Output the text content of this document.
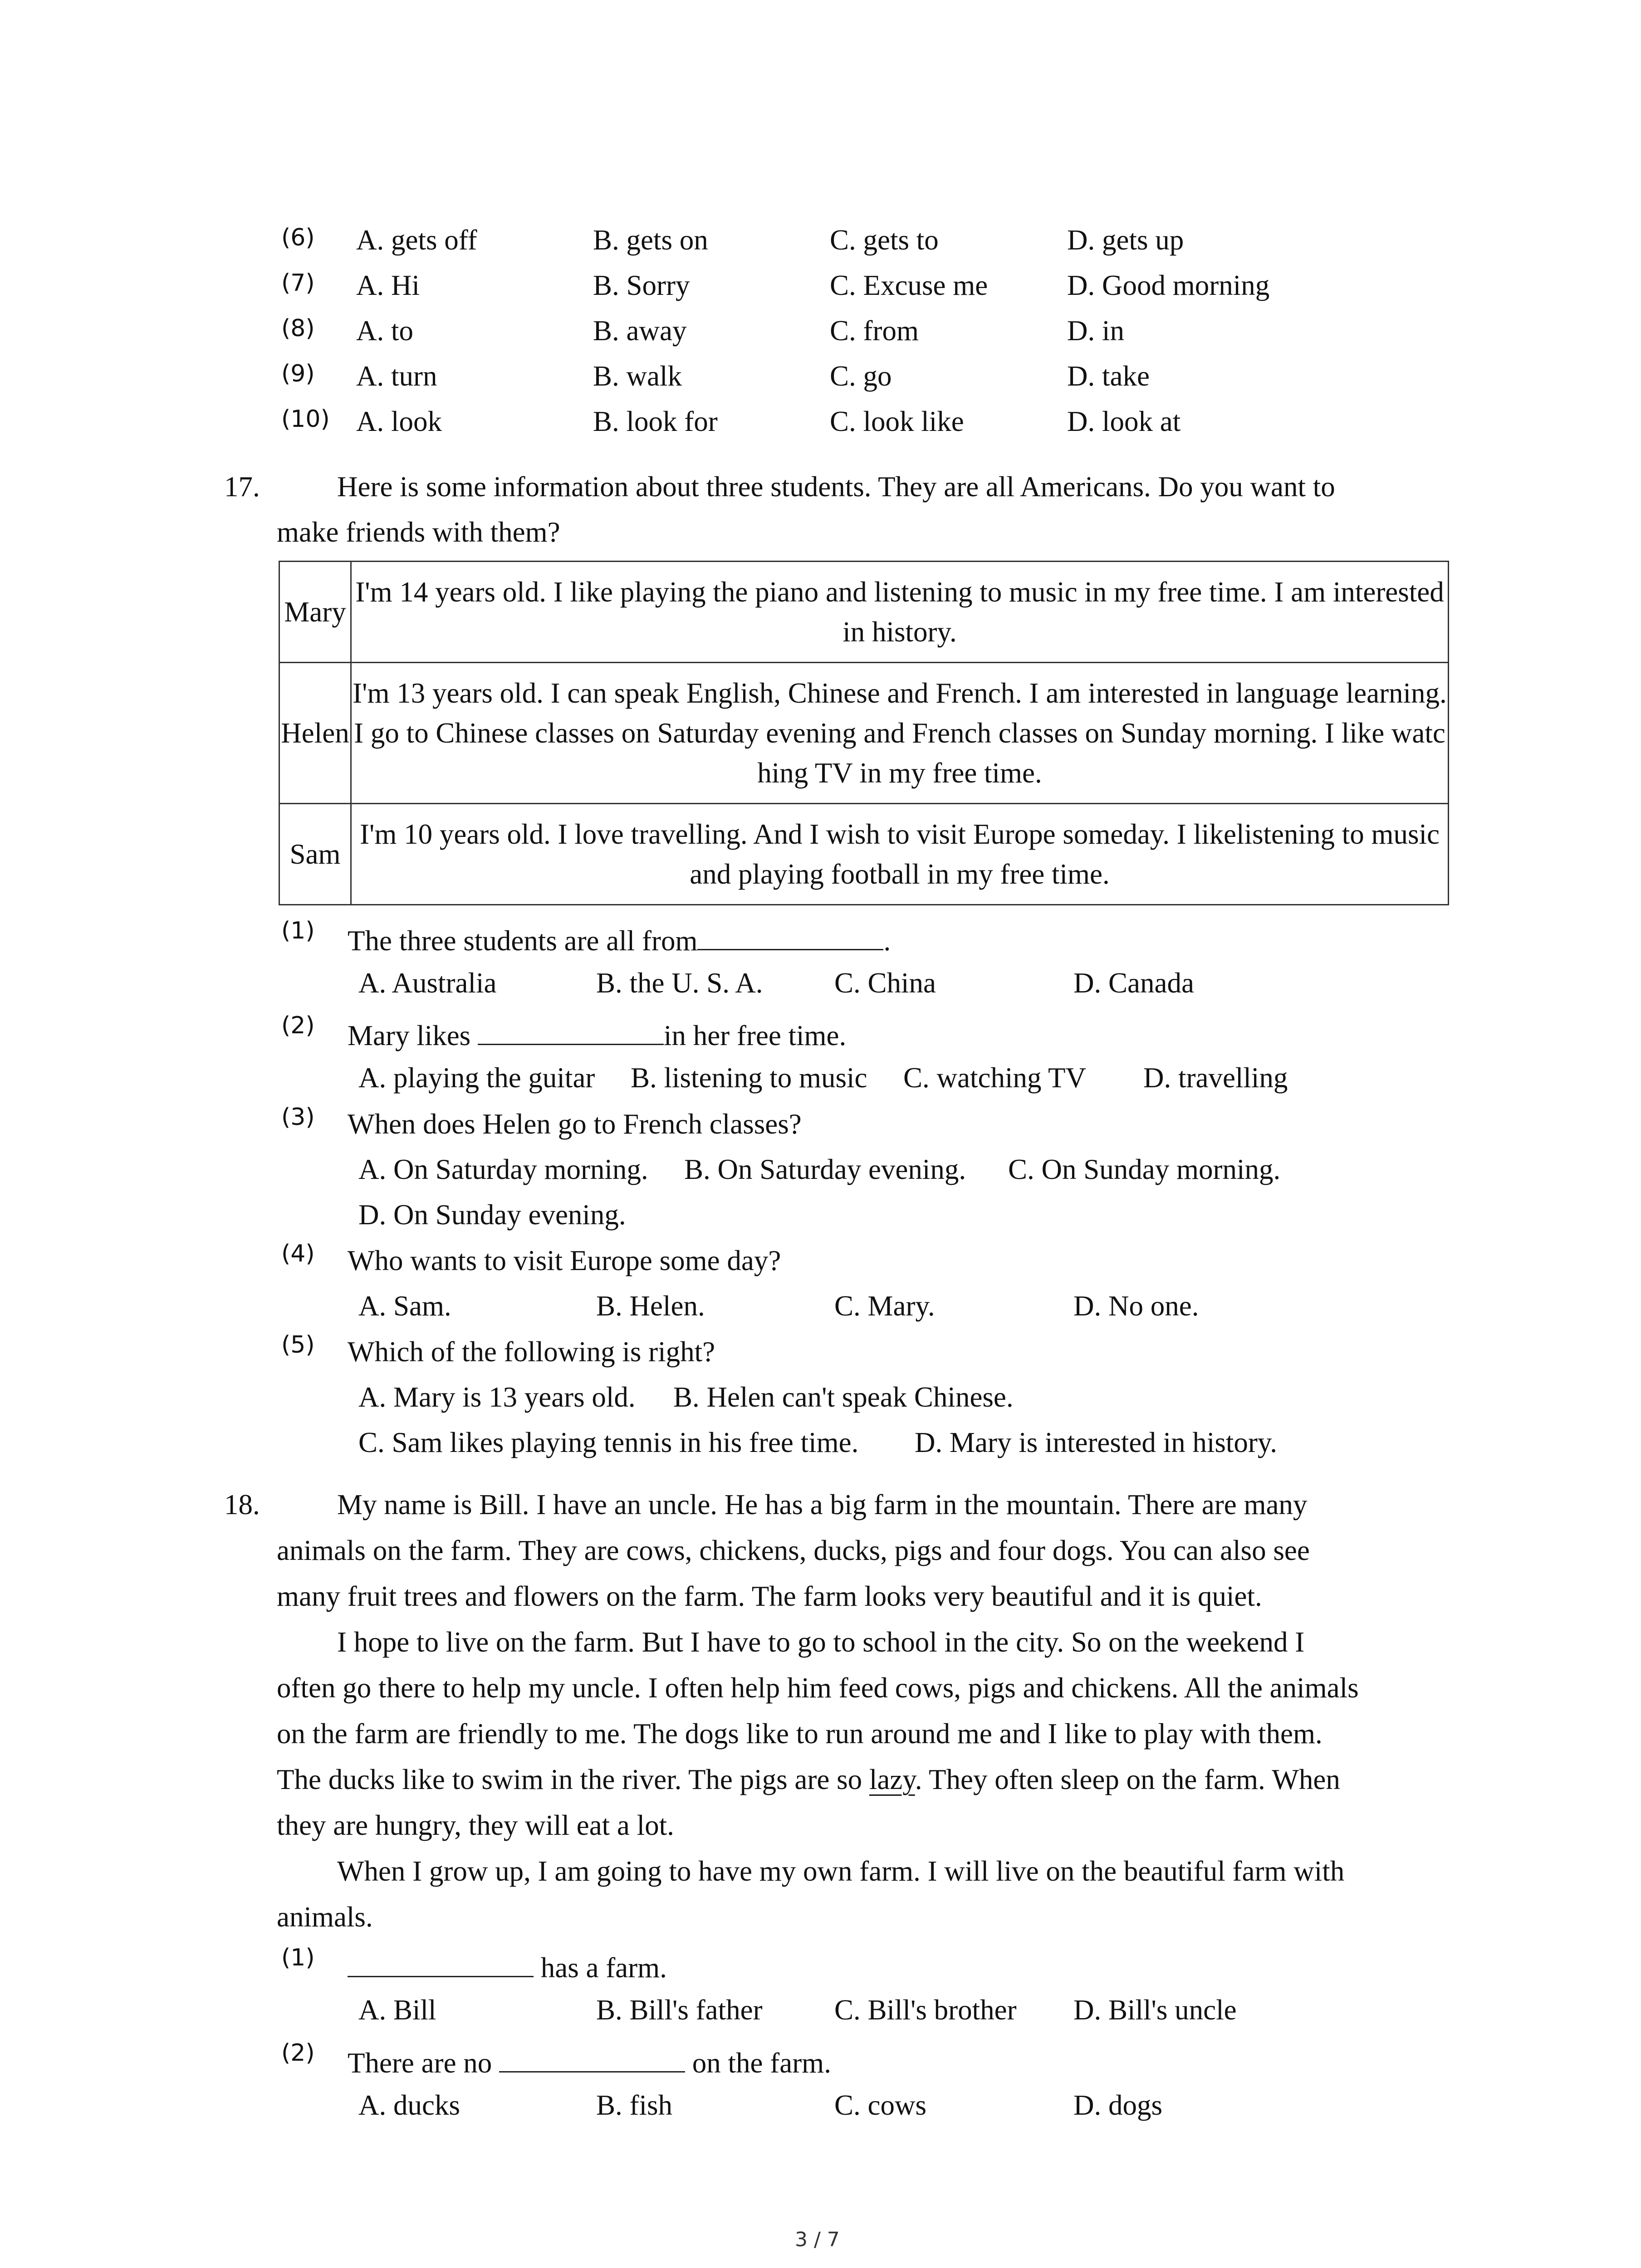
(6) A. gets off	B. gets on	C. gets to	D. gets up
(7) A. Hi	B. Sorry	C. Excuse me	D. Good morning
(8) A. to	B. away	C. from	D. in
(9) A. turn	B. walk	C. go	D. take
(10) A. look	B. look for	C. look like	D. look at
17.	Here is some information about three students. They are all Americans. Do you want to
make friends with them?
Mary	I'm 14 years old. I like playing the piano and listening to music in my free time. I am interested in history.
Helen	I'm 13 years old. I can speak English, Chinese and French. I am interested in language learning. I go to Chinese classes on Saturday evening and French classes on Sunday morning. I like watching TV in my free time.
Sam	I'm 10 years old. I love travelling. And I wish to visit Europe someday. I likelistening to music and playing football in my free time.
(1) The three students are all from	.
A. Australia	B. the U. S. A. C. China	D. Canada
(2) Mary likes	in her free time.
A. playing the guitar B. listening to music C. watching TV D. travelling
(3) When does Helen go to French classes?
A. On Saturday morning. B. On Saturday evening. C. On Sunday morning.
D. On Sunday evening.
(4) Who wants to visit Europe some day?
A. Sam.	B. Helen.	C. Mary.	D. No one.
(5) Which of the following is right?
A. Mary is 13 years old. B. Helen can't speak Chinese.
C. Sam likes playing tennis in his free time. D. Mary is interested in history.
18.	My name is Bill. I have an uncle. He has a big farm in the mountain. There are many
animals on the farm. They are cows, chickens, ducks, pigs and four dogs. You can also see
many fruit trees and flowers on the farm. The farm looks very beautiful and it is quiet.
I hope to live on the farm. But I have to go to school in the city. So on the weekend I
often go there to help my uncle. I often help him feed cows, pigs and chickens. All the animals
on the farm are friendly to me. The dogs like to run around me and I like to play with them.
The ducks like to swim in the river. The pigs are so lazy. They often sleep on the farm. When
they are hungry, they will eat a lot.
When I grow up, I am going to have my own farm. I will live on the beautiful farm with
animals.
(1)	has a farm.
A. Bill	B. Bill's father	C. Bill's brother D. Bill's uncle
(2) There are no	on the farm.
A. ducks	B. fish	C. cows	D. dogs
3 / 7
